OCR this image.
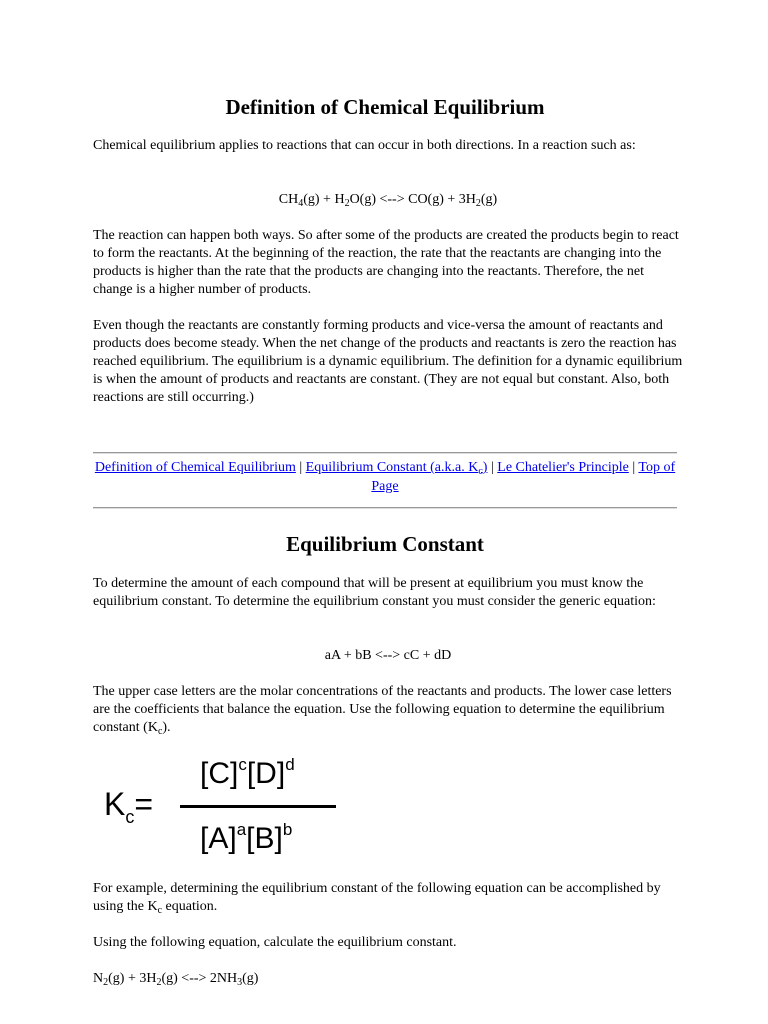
Definition of Chemical Equilibrium

Chemical equilibrium applies to reactions that can occur in both directions. In a reaction such as:

$CH_4(g) + H_2O(g)$ <--> $CO(g) + 3H_2(g)$

The reaction can happen both ways. So after some of the products are created the products begin to react to form the reactants. At the beginning of the reaction, the rate that the reactants are changing into the products is higher than the rate that the products are changing into the reactants. Therefore, the net change is a higher number of products.

Even though the reactants are constantly forming products and vice-versa the amount of reactants and products does become steady. When the net change of the products and reactants is zero the reaction has reached equilibrium. The equilibrium is a dynamic equilibrium. The definition for a dynamic equilibrium is when the amount of products and reactants are constant. (They are not equal but constant. Also, both reactions are still occurring.)

Definition of Chemical Equilibrium | Equilibrium Constant (a.k.a. $K_c$) | Le Chatelier's Principle | Top of Page
Equilibrium Constant

To determine the amount of each compound that will be present at equilibrium you must know the equilibrium constant. To determine the equilibrium constant you must consider the generic equation:

aA + bB <--> cC + dD

The upper case letters are the molar concentrations of the reactants and products. The lower case letters are the coefficients that balance the equation. Use the following equation to determine the equilibrium constant $(K_c)$.

$K_c=$
$[C]^c[D]^d$
$[A]^a[B]^b$

For example, determining the equilibrium constant of the following equation can be accomplished by using the $K_c$ equation.

Using the following equation, calculate the equilibrium constant.

$N_2(g) + 3H_2(g)$ <--> $2NH_3(g)$
